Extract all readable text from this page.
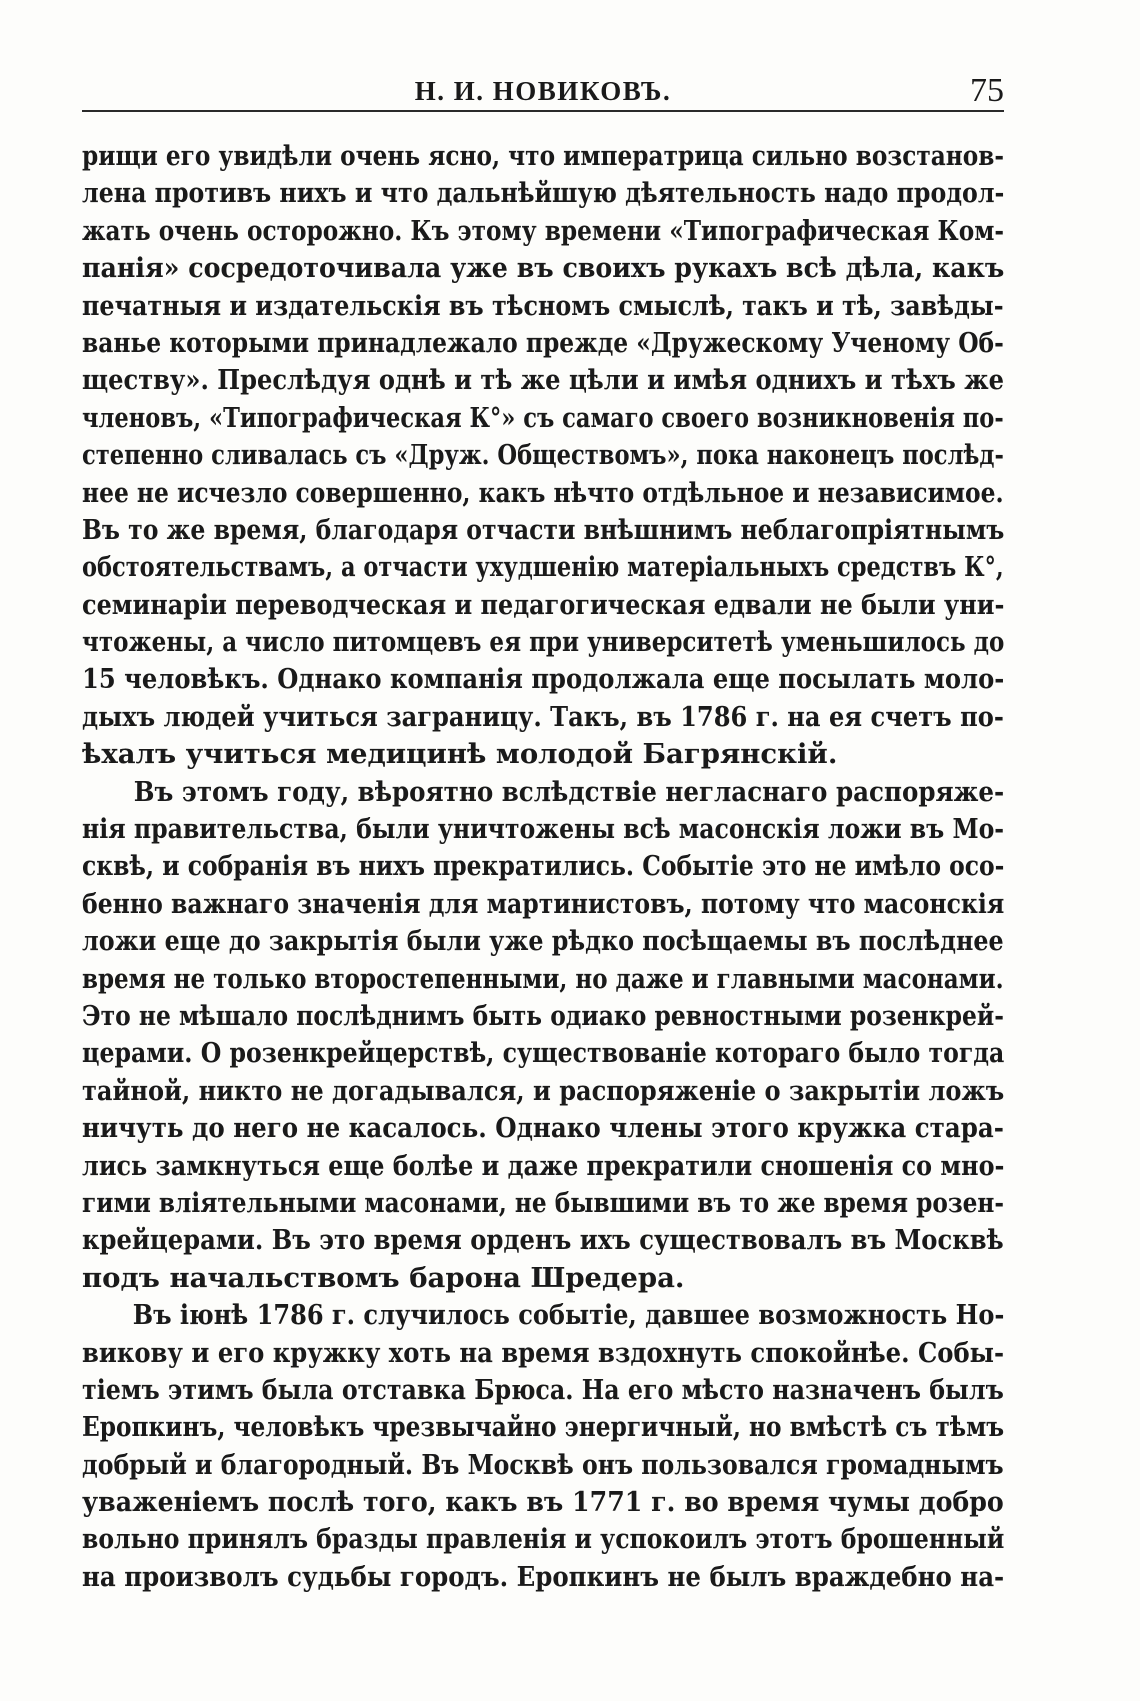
Н. И. НОВИКОВЪ.	75
рищи его увидѣли очень ясно, что императрица сильно возстанов-
лена противъ нихъ и что дальнѣйшую дѣятельность надо продол-
жать очень осторожно. Къ этому времени «Типографическая Ком-
панія» сосредоточивала уже въ своихъ рукахъ всѣ дѣла, какъ
печатныя и издательскія въ тѣсномъ смыслѣ, такъ и тѣ, завѣды-
ванье которыми принадлежало прежде «Дружескому Ученому Об-
ществу». Преслѣдуя однѣ и тѣ же цѣли и имѣя однихъ и тѣхъ же
членовъ, «Типографическая К°» съ самаго своего возникновенія по-
степенно сливалась съ «Друж. Обществомъ», пока наконецъ послѣд-
нее не исчезло совершенно, какъ нѣчто отдѣльное и независимое.
Въ то же время, благодаря отчасти внѣшнимъ неблагопріятнымъ
обстоятельствамъ, а отчасти ухудшенію матеріальныхъ средствъ К°,
семинаріи переводческая и педагогическая едвали не были уни-
чтожены, а число питомцевъ ея при университетѣ уменьшилось до
15 человѣкъ. Однако компанія продолжала еще посылать моло-
дыхъ людей учиться заграницу. Такъ, въ 1786 г. на ея счетъ по-
ѣхалъ учиться медицинѣ молодой Багрянскій.
Въ этомъ году, вѣроятно вслѣдствіе негласнаго распоряже-
нія правительства, были уничтожены всѣ масонскія ложи въ Мо-
сквѣ, и собранія въ нихъ прекратились. Событіе это не имѣло осо-
бенно важнаго значенія для мартинистовъ, потому что масонскія
ложи еще до закрытія были уже рѣдко посѣщаемы въ послѣднее
время не только второстепенными, но даже и главными масонами.
Это не мѣшало послѣднимъ быть одиако ревностными розенкрей-
церами. О розенкрейцерствѣ, существованіе котораго было тогда
тайной, никто не догадывался, и распоряженіе о закрытіи ложъ
ничуть до него не касалось. Однако члены этого кружка стара-
лись замкнуться еще болѣе и даже прекратили сношенія со мно-
гими вліятельными масонами, не бывшими въ то же время розен-
крейцерами. Въ это время орденъ ихъ существовалъ въ Москвѣ
подъ начальствомъ барона Шредера.
Въ іюнѣ 1786 г. случилось событіе, давшее возможность Но-
викову и его кружку хоть на время вздохнуть спокойнѣе. Собы-
тіемъ этимъ была отставка Брюса. На его мѣсто назначенъ былъ
Еропкинъ, человѣкъ чрезвычайно энергичный, но вмѣстѣ съ тѣмъ
добрый и благородный. Въ Москвѣ онъ пользовался громаднымъ
уваженіемъ послѣ того, какъ въ 1771 г. во время чумы добро
вольно принялъ бразды правленія и успокоилъ этотъ брошенный
на произволъ судьбы городъ. Еропкинъ не былъ враждебно на-
